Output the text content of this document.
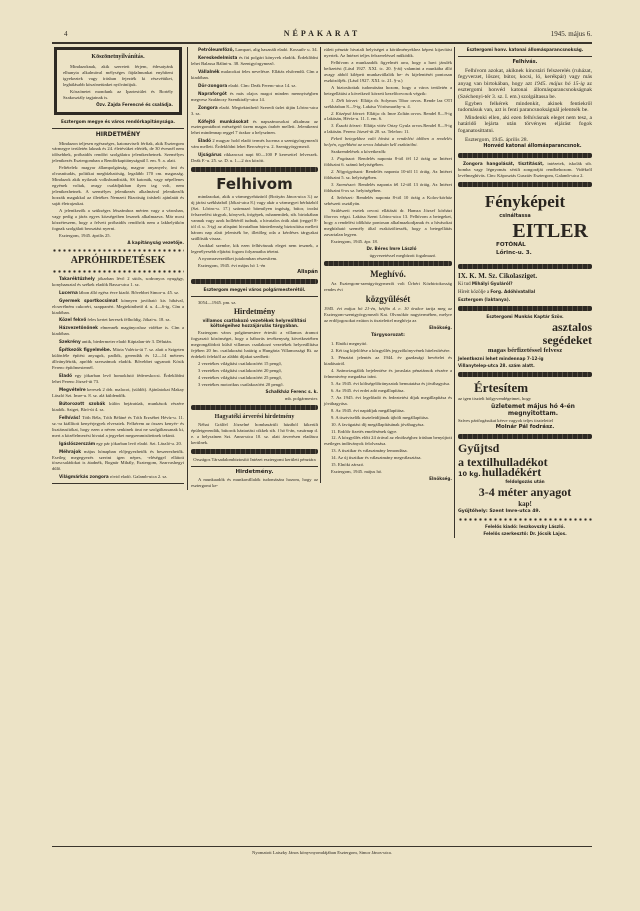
4	NÉPAKARAT	1945. május 6.

Köszönetnyilvánítás.

Mindazoknak, akik szeretett férjem, édesatyánk elhunyta alkalmával mélységes fájdalmunkat enyhíteni igyekeztek vagy írásban fejezték ki részvétüket, leghálásabb köszönetünket nyilvánítjuk.

Köszönetet mondunk az Ipartestület és Bortély Szakosztály tagjainak is.

Özv. Zajda Ferencné és családja.

Esztergom megye és város rendőrkapitánysága.

HIRDETMÉNY

Mindazon teljesen egészséges, katonaviselt férfiak, akik Esztergom vármegye területén laknak és 24. életévüket elérték, de 30 évesnél nem idősebbek, próbaidős rendőri szolgálatra jelentkezhetnek. Személyes jelentkezés Esztergomban a Rendőrkapitányságnál I. em. 9. a. alatt.

Feltételek: magyar állampolgárság, magyar anyanyelv, írni és olvasnitudás, politikai megbízhatóság, legalább 170 cm. magasság. Mindazok akik nyilasok volksbundisták, SS katonák, vagy népellenes egyének voltak, avagy családjukban ilyen tag volt, nem jelentkezhetnek. A személyes jelentkezés alkalmával jelentkezők hozzák magukkal az illetékes Nemzeti Bizottság írásbeli ajánlatát és saját életrajzukat.

A jelentkezők a szükséges létszámhoz mérten vagy a városban, vagy pedig a járás egyes községeiben lesznek alkalmazva. Már most közzéteszem, hogy a felvett próbaidős rendőrök nem a lakhelyükön fognak szolgálati beosztást nyerni.

Esztergom, 1945. április 25.

A kapitányság vezetője.

APRÓHIRDETÉSEK

Takaréktűzhely jókarban lévő 2 sütős, sodronyos nyugágy, konyhaasztal és székek eladók Bassa-utca 1. sz.

Lucerna lábon álló egész évre kiadó. Bővebbet Simor-u. 45. sz.

Gyermek sportkocsimat könnyen javítható kis hibával, elcserélném cukorért, szappanért. Megtekinthető d. u. 4—6-ig. Cím a kiadóban.

Közel fekvő feles kertet keresek félholdig. Jókai-u. 18. sz.

Házvezetőnőnek elmennék magányoshoz vidékre is. Cím a kiadóban.

Szekrény antik, biedermeier eladó Káptalan-tér 3. Délután.

Építkezők figyelmébe. Mária Valéria-út 7. sz. alatt a Szigeten különféle építési anyagok, padlók, gerendák és 12—14 méteres állványlétrák, apróbb szerszámok eladók. Bővebbet ugyanott Kósik Ferenc építőmesternél.

Eladó egy jókarban levő homokfutó fédereskocsi. Érdeklődni lehet Ferenc József-út 73.

Megvételre keresek 2 drb. malacot, (süldőt). Ajánlatokat Makay László Szt. Imre-u. 8. sz. alá küldendők.

Bútorozott szobák külön bejáratúak, munkások részére kiadók. Sziget, Bíró-út 4. sz.

Felhívás! Tóth Béla, Tóth Béláné és Tóth Erzsébet Hévíz-u. 11. sz.-ra kiállított kenyérjegyek elvesztek. Felkérem az összes kenyér- és lisztárusítókat, hogy ezen a néven senkinek árut ne szolgáltassanak ki, mert a közélelmezési hivatal a jegyeket megsemmisítettnek tekinti.

Igáslószerszám egy pár jókarban levő eladó. Szt. László-u. 20.

Méhrajok május hónapban előjegyezhetők és beszerezhetők. Esetleg megegyezés szerint igen népes, -eléséggel ellátott törzscsaládokat is átadnék, Bognár Mihály, Esztergom, Szarvashegyi dűlő.

Világmárkás zongora rövid eladó. Galamb-utca 2. sz.

Petróleumfőző, Lampart, alig használt eladó. Kossuth- u. 34.

Kereskedelmista és fiú polgári könyvek eladók. Érdeklődni lehet Balassa Bálint-u. 38. Szentgyörgymező.

Vállalnék malacokat feles nevelésre. Ellátás elsőrendű. Cím a kiadóban.

Dör-zongora eladó. Cím: Deák Ferenc-utca 14. sz.

Napraforgót és más olajos magot minden mennyiségben megvesz Szalánczy Szentkirály-utca 14.

Zongora eladó. Megtekinthető Szeredi üzlet útján Lőrinc-utca 3. sz.

Kőfejtő munkásokat és napszámosokat alkalmaz az esztergomtábori mészégető üzem magas órabér mellett. Jelentkezni lehet mindennap reggel 7 órakor a helyszínen.

Eladó 2 magyar hold eladó termés lucerna a szentgyörgymezői vám mellett. Érdeklődni lehet Bercsényi-u. 2. Szentgyörgymező.

Ujságárus rikkancsot napi 60—100 P keresettel felveszek. Deák F.-u. 25. sz. D. u. 1—2 óra között.

Felhivom

mindazokat, akik a vármegyeházáról (Bottyán János-utca 3.) az új járási székházból (Jókai-utca 8.) vagy akár a vármegyei bérházból (Szt. Lőrinc-u. 17.) származó bármilyen ingóság, bútor, irodai felszerelési tárgyak, könyvek, írógépek, ruhaneműek, stb. birtokában vannak vagy azok hollétéről tudnak, a hivatalos órák alatt (reggel 8-tól d. u. 3-ig) az alispáni hivatalban büntetlenség biztosítása mellett három nap alatt jelentsék be, illetőleg oda a kérdéses tárgyakat szállítsák vissza.

Azokkal szembe, kik ezen felhívásnak eleget nem tesznek, a legerélyesebb eljárást fogom folyamatba tétetni.

A nyomravezetőket jutalomban részesítem.

Esztergom, 1945. évi május hó 1.-én

Alispán

Esztergom megyei város polgármesterétől.

3054—1945. pm. sz.

Hirdetmény

villamos csatlakozó vezetékek helyreállítási költségeihez hozzájárulás tárgyában.

Esztergom város polgármestere értesíti a villamos áramot fogyasztó közönséget, hogy a háborús tevékenység következtében megrongálódott külső villamos csatlakozó vezetékek helyreállítása fejében 20 fm. csatlakozási határig a Hungária Villamossági Rt. az érdekelt felektől az alábbi díjakat szedheti:

2 vezetékes világítási csatlakozóért 15 pengő,

3 vezetékes világítási csatlakozóért 20 pengő,

4 vezetékes világítási csatlakozóért 25 pengő,

3 vezetékes motorikus csatlakozóért 20 pengő.

Schalkház Ferenc s. k.

mb. polgármester.

Hagyatéki árverési hirdetmény

Néhai Grálfel Józselné hombasárüli házából kikerült épületgerendák, bútorok háztartási cikkek stb. f hó 6-án, vasárnap d. e. a helyszínen Szt. Anna-utca 10. sz. alatt árverésen eladásra kerülnek.

Országos Társadalombiztosító Intézet esztergomi kerületi pénztára

Hirdetmény.

A munkaadók és munkavállalók tudomására hozom, hogy az esztergomi ke-

rületi pénztár hivatali helyiségei a körülményekhez képest kijavítást nyertek. Az Intézet teljes felszereléssel működik.

Felhívom a munkaadók figyelmét arra, hogy a havi járulék befizetést (Lásd 1927. XXI. tc. 20. §-át) valamint a munkába álló avagy abból kilépett munkavállalók be- és kijelentését pontosan eszközöljék. (Lásd 1927. XXI. tc. 21. §-a.)

A biztosítottak tudomására hozom, hogy a város területén a betegellátást a következő körzeti kezelőorvosok végzik:

1. Déli körzet: Ellátja dr. Solymos Tibor orvos. Rende laz OTI székházban 8—9-ig. Lakása Vörösmarthy-u. 4.

2. Középső körzet: Ellátja: dr. Imre Zoltán orvos. Rendel 8—9-ig a lakásán, Hévíz-u. 11. I. em. 6.

3. Északi körzet: Ellátja vitéz Ortay Gyula orvos.Rendel 8—9-ig a lakásán. Ferenc József-út 20. sz. Telefon: 11.

Fekvő betegekhez való hívást a rendelési időben a rendelés helyén, egyébként az orvos lakásán kell eszközölni.

Szakrendelések a következők:

1. Fogászat: Rendelés naponta 8-tól fél 12 óráig az Intézet földszint 6. számú helyiségében.

2. Nőgyógyászat: Rendelés naponta 10-től 11 óráig. Az Intézet földszint 5. sz. helyiségében.

3. Szemészet: Rendelés naponta fél 12-től 13 óráig. Az Intézet földszint 6-os sz. helyiségében.

4. Sebészet: Rendelés naponta 8-tól 10 óráig a Kolos-kórház sebészeti osztályán.

Szülészeti esetek orvosi ellátását dr. Hamza József kórházi főorvos végzi. Lakása Szent Lőrinc-utca 13. Felhívom a betegeket, hogy a rendelési időkhöz pontosan alkalmazkodjanak és a hívásokat megbízható személy által eszközöltessék, hogy a betegellátás zavartalan legyen.

Esztergom, 1945. ápr. 18.

Dr. Béres Imre László

ügyvezetéssel megbízott fogalmazó.

Meghívó.

Az Esztergom-szentgyörgymezői volt Úrbéri Közbirtokosság rendes évi

közgyűlését

1945. évi május hó 21-én, hétfőn d. e. 10 órakor tartja meg az Esztergom-szentgyörgymezői Kat. Olvasókör nagytermében, melyre az erdőjogosokat ezúton is tisztelettel meghívja az

Elnökség.

Tárgysorozat:

1. Elnöki megnyitó.

2. Két tag kijelölése a közgyűlés jegyzőkönyvének hitelesítésére.

3. Pénztári jelentés az 1944. év gazdasági bevételei és kiadásairól.

4. Számvizsgálók bejelentése és javaslata pénztárnok részére a felmentvény megadása iránt.

5. Az 1945. évi költségelőirányzatok bemutatása és jóváhagyása.

6. Az 1945. évi erdei adó megállapítása.

7. Az 1945. évi legelőadó és fedeztetési díjak megállapítása és jóváhagyása.

8. Az 1945. évi napidíjak megállapítása.

9. A tisztviselők tiszteletdíjának újbóli megállapítása.

10. A favágatási díj megállapításának jóváhagyása.

11. Erdőőr fizetés emelésének ügye.

12. A közgyűlés előtt 24 órával az elnökséghez írásban benyújtott esetleges indítványok felolvasása.

13. A tisztikar és választmány lemondása.

14. Az új tisztikar és választmány megválasztása.

15. Elnöki zárszó.

Esztergom, 1945. május hó.

Elnökség.

Esztergomi honv. katonai állomásparancsnokság.

Felhívás.

Felhívom azokat, akiknek kincstári felszerelés (ruházat, fegyverzet, lőszer, bútor, kocsi, ló, kerékpár) vagy más anyag van birtokában, hogy azt 1945. május hó 15-ig az esztergomi honvéd katonai állomásparancsnokságnak (Széchenyi-tér 3. sz. I. em.) szolgáltassa be.

Egyben felkérek mindenkit, akinek fentiekről tudomásuk van, azt is fenti parancsnokságnál jelentsék be.

Mindenki ellen, aki ezen felhívásnak eleget nem tesz, a határidő lejárta után törvényes eljárást fogok foganatosíttatni.

Esztergom, 1945. április 28.

Honvéd katonai állomásparancsnok.

Zongora hangolását, tisztítását, intézetek, iskolák stb. bomba vagy légnyomás sérült zongoráját rendbehozom. Vidékről levélmeghívás. Cím: Káposztás Gusztáv Esztergom, Galamb-utca 2.

Fényképeit

csináltassa

EITLER

FOTÓNÁL

Lőrinc-u. 3.

IX. K. M. Sz. Cikolasziget.

Ki tud Mihályi Gyuláról?

Híreit közölje a Forg. Adóhivatallal

Esztergom (laktanya).

Esztergomi Munkás Kaptár Szöv.

asztalos

segédeket

magas bérfizetéssel felvesz

Jelentkezni lehet mindennap 7-12-ig

Villanytelep-utca 28. szám alatt.

Értesítem

az igen tisztelt hölgyvendégeimet, hogy

üzletemet május hó 4-én megnyitottam.

Szíves pártfogásukat kérve vagyok teljes tisztelettel

Molnár Pál fodrász.

Gyűjtsd

a textilhulladékot

10 kg. hulladékért

feldolgozás után

3-4 méter anyagot

kap!

Gyűjtőhely: Szent Imre-utca 49.

Felelős kiadó: Ieszkovszky László.

Felelős szerkesztő: Dr. Jócsik Lajos.

Nyomatott Laiszky János könyvnyomdájában Esztergom, Simor János-utca.
